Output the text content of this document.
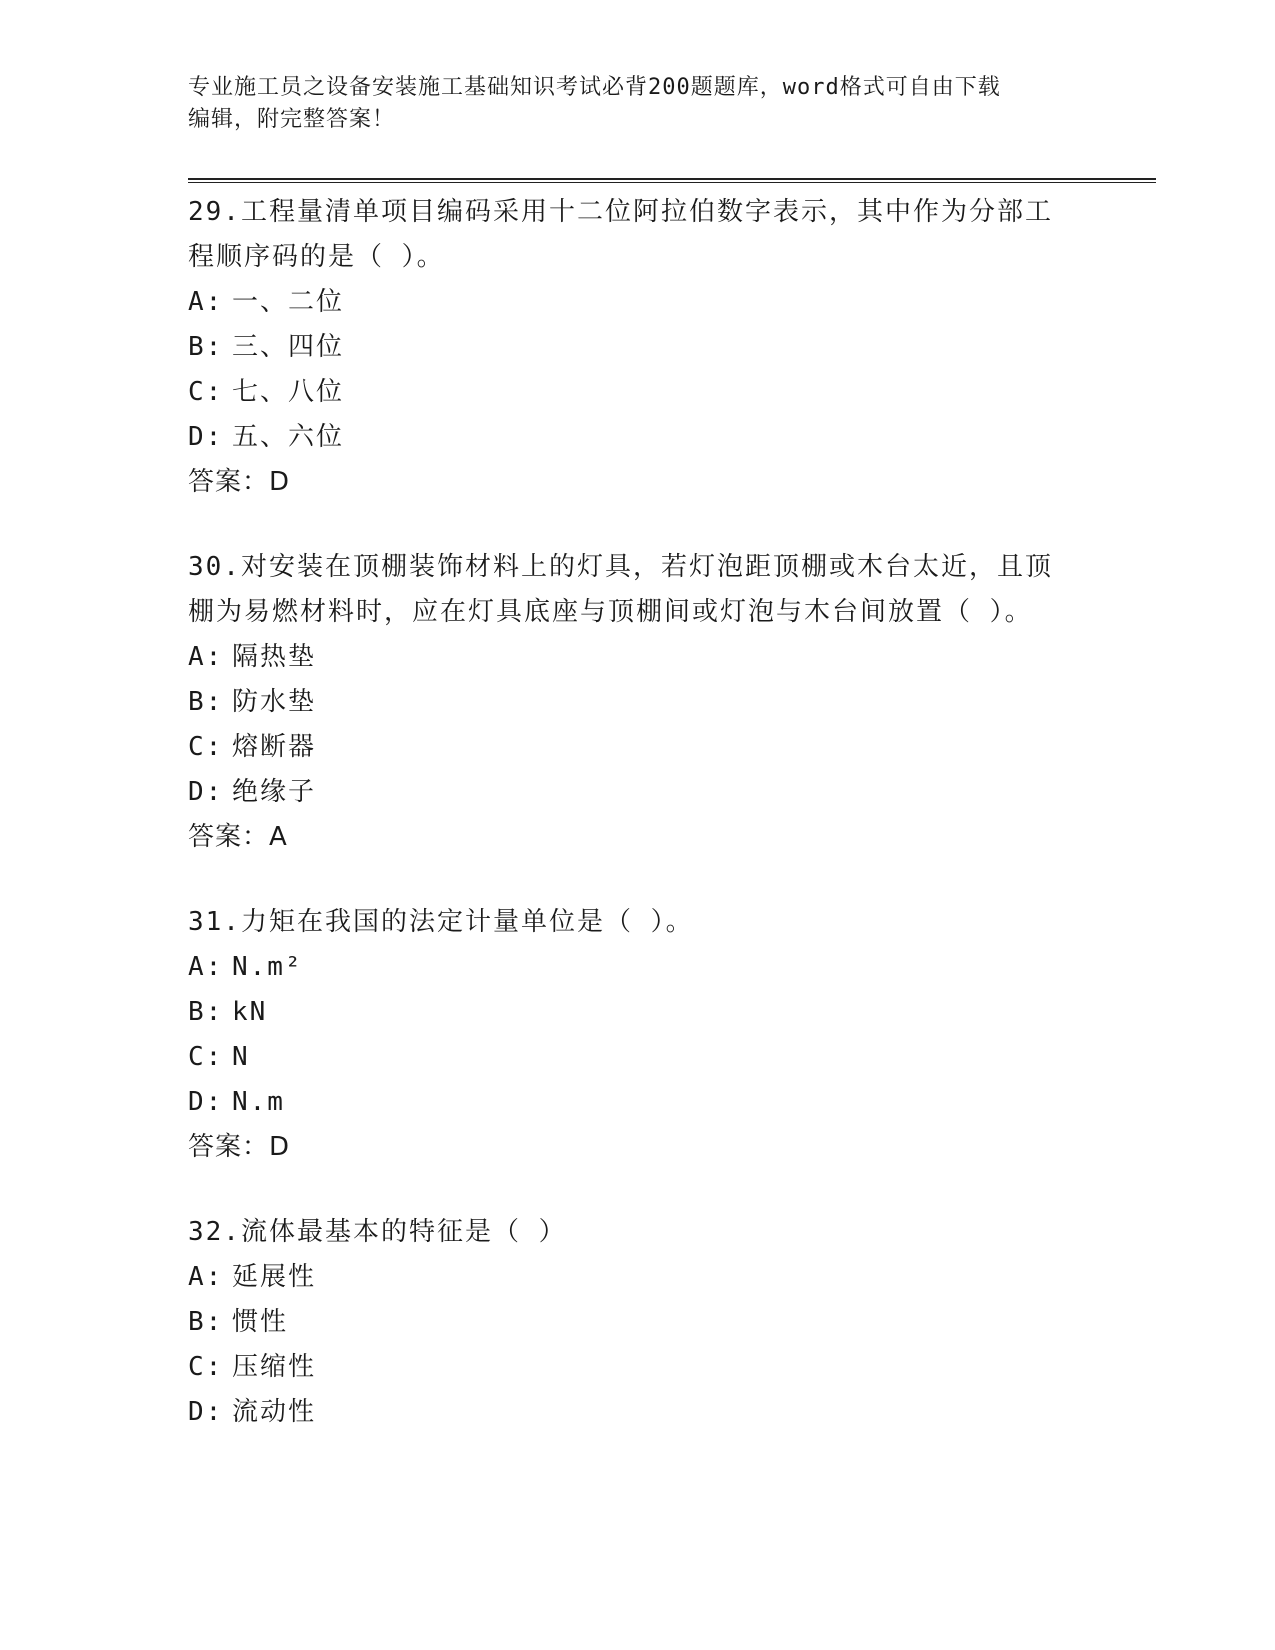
专业施工员之设备安装施工基础知识考试必背200题题库，word格式可自由下载
编辑，附完整答案！
29.工程量清单项目编码采用十二位阿拉伯数字表示，其中作为分部工
程顺序码的是（ ）。
A: 一、二位
B: 三、四位
C: 七、八位
D: 五、六位
答案：D
30.对安装在顶棚装饰材料上的灯具，若灯泡距顶棚或木台太近，且顶
棚为易燃材料时，应在灯具底座与顶棚间或灯泡与木台间放置（ ）。
A: 隔热垫
B: 防水垫
C: 熔断器
D: 绝缘子
答案：A
31.力矩在我国的法定计量单位是（ ）。
A: N.m²
B: kN
C: N
D: N.m
答案：D
32.流体最基本的特征是（ ）
A: 延展性
B: 惯性
C: 压缩性
D: 流动性
